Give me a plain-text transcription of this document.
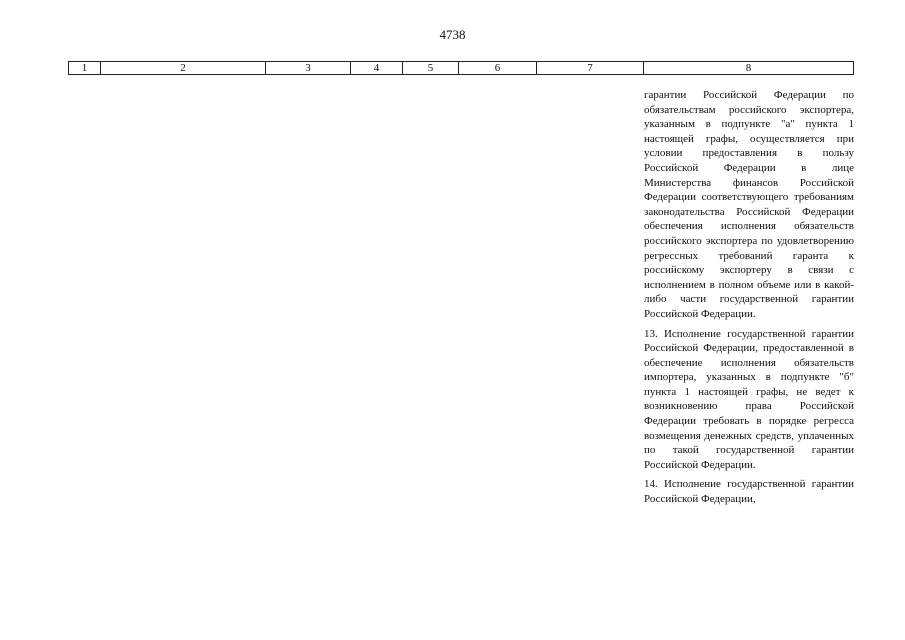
4738
1	2	3	4	5	6	7	8
гарантии Российской Федерации по обязательствам российского экспортера, указанным в подпункте "а" пункта 1 настоящей графы, осуществляется при условии предоставления в пользу Российской Федерации в лице Министерства финансов Российской Федерации соответствующего требованиям законодательства Российской Федерации обеспечения исполнения обязательств российского экспортера по удовлетворению регрессных требований гаранта к российскому экспортеру в связи с исполнением в полном объеме или в какой-либо части государственной гарантии Российской Федерации.
13. Исполнение государственной гарантии Российской Федерации, предоставленной в обеспечение исполнения обязательств импортера, указанных в подпункте "б" пункта 1 настоящей графы, не ведет к возникновению права Российской Федерации требовать в порядке регресса возмещения денежных средств, уплаченных по такой государственной гарантии Российской Федерации.
14. Исполнение государственной гарантии Российской Федерации,
